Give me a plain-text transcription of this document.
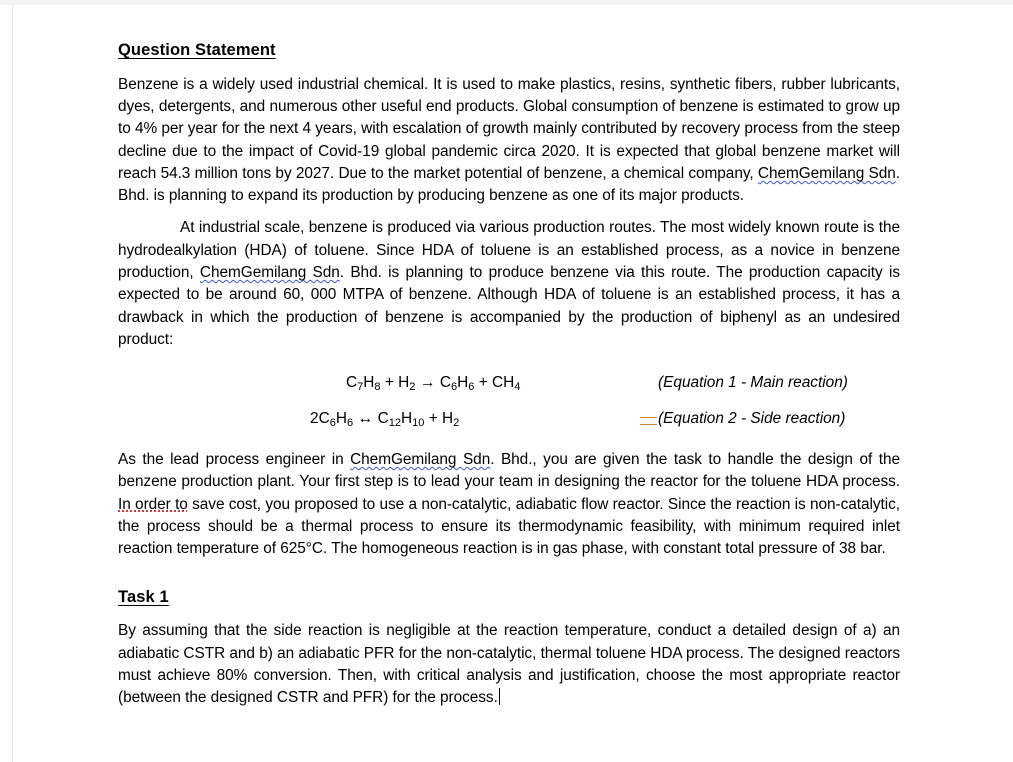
Question Statement

Benzene is a widely used industrial chemical. It is used to make plastics, resins, synthetic fibers, rubber lubricants, dyes, detergents, and numerous other useful end products. Global consumption of benzene is estimated to grow up to 4% per year for the next 4 years, with escalation of growth mainly contributed by recovery process from the steep decline due to the impact of Covid-19 global pandemic circa 2020. It is expected that global benzene market will reach 54.3 million tons by 2027. Due to the market potential of benzene, a chemical company, ChemGemilang Sdn. Bhd. is planning to expand its production by producing benzene as one of its major products.

At industrial scale, benzene is produced via various production routes. The most widely known route is the hydrodealkylation (HDA) of toluene. Since HDA of toluene is an established process, as a novice in benzene production, ChemGemilang Sdn. Bhd. is planning to produce benzene via this route. The production capacity is expected to be around 60, 000 MTPA of benzene. Although HDA of toluene is an established process, it has a drawback in which the production of benzene is accompanied by the production of biphenyl as an undesired product:

$C_7H_8 + H_2 \to C_6H_6 + CH_4$	(Equation 1 - Main reaction)
$2C_6H_6$ ↔ $C_{12}H_{10} + H_2$	(Equation 2 - Side reaction)

As the lead process engineer in ChemGemilang Sdn. Bhd., you are given the task to handle the design of the benzene production plant. Your first step is to lead your team in designing the reactor for the toluene HDA process. In order to save cost, you proposed to use a non-catalytic, adiabatic flow reactor. Since the reaction is non-catalytic, the process should be a thermal process to ensure its thermodynamic feasibility, with minimum required inlet reaction temperature of 625°C. The homogeneous reaction is in gas phase, with constant total pressure of 38 bar.

Task 1

By assuming that the side reaction is negligible at the reaction temperature, conduct a detailed design of a) an adiabatic CSTR and b) an adiabatic PFR for the non-catalytic, thermal toluene HDA process. The designed reactors must achieve 80% conversion. Then, with critical analysis and justification, choose the most appropriate reactor (between the designed CSTR and PFR) for the process.
